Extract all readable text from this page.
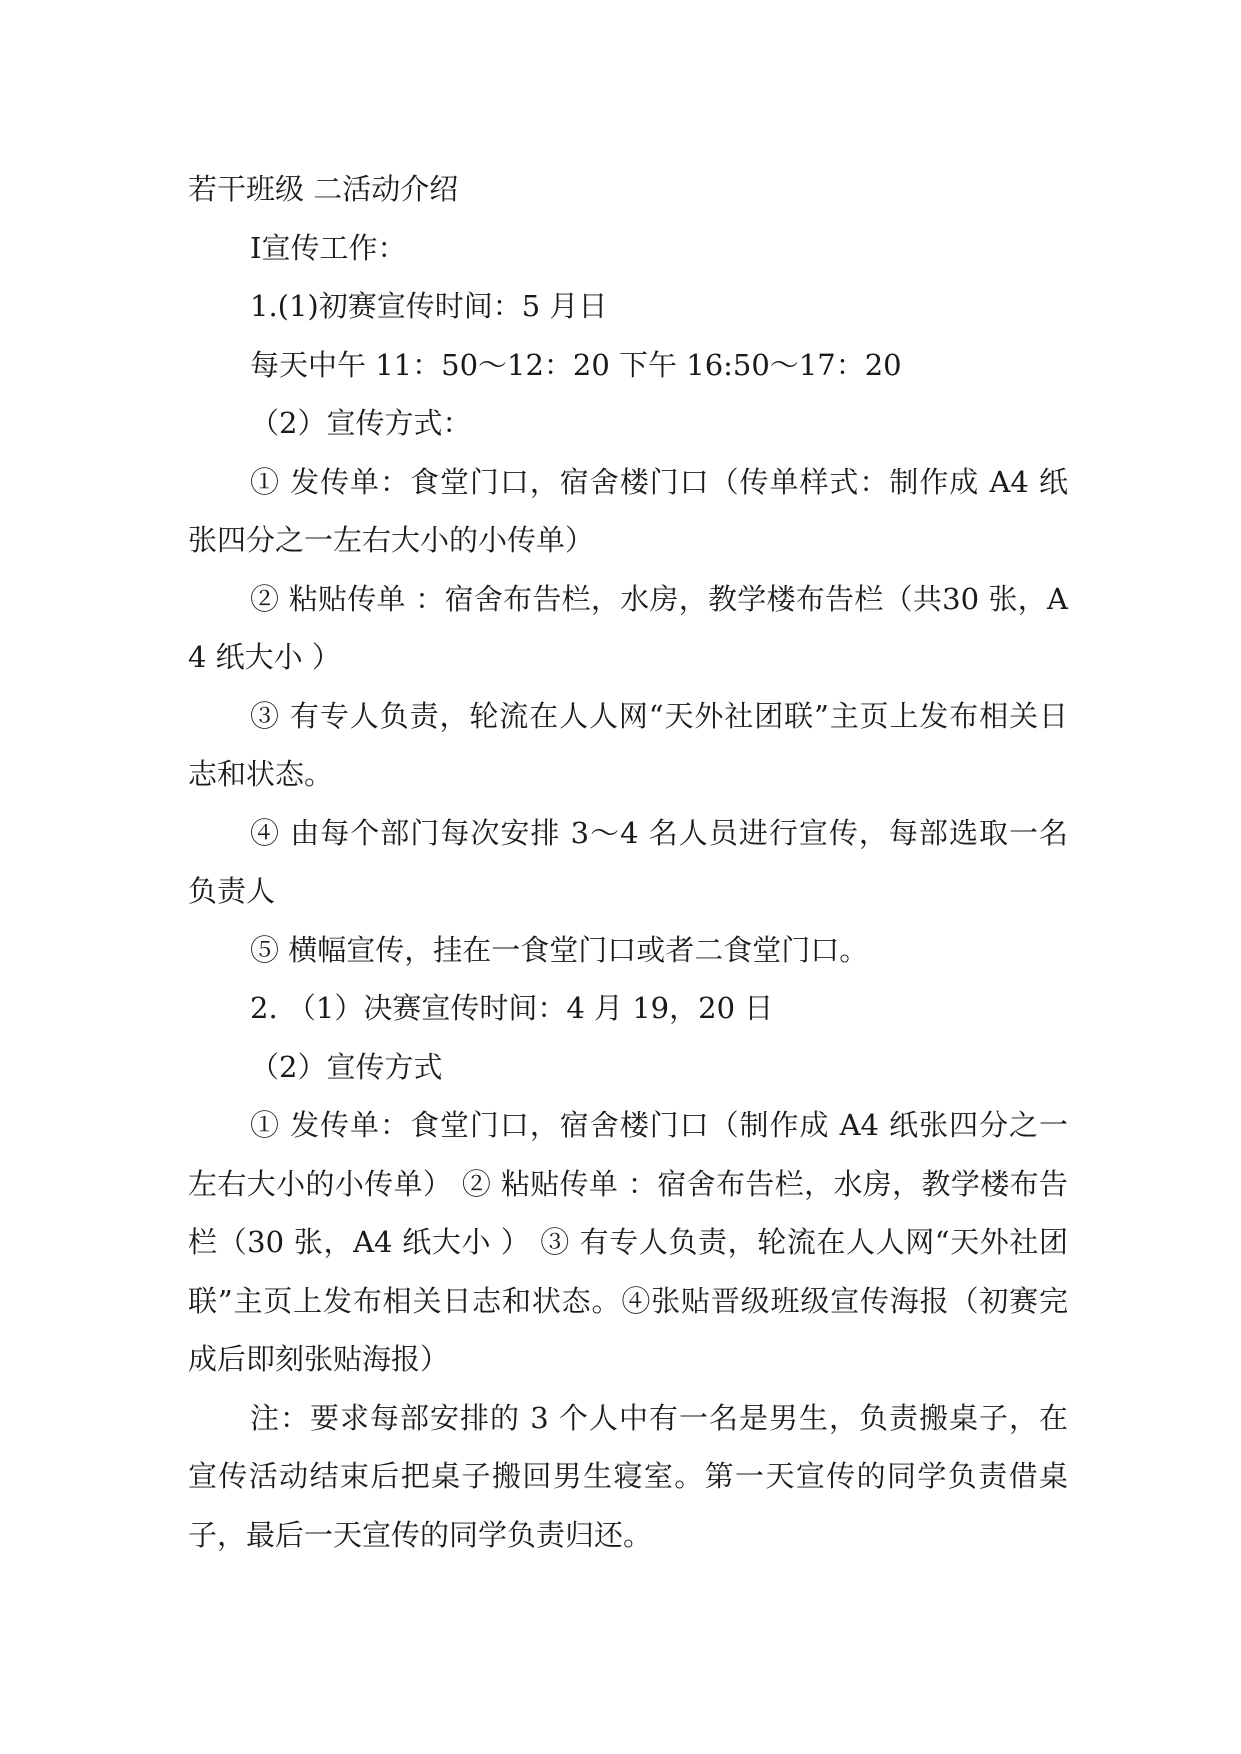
若干班级 二活动介绍

Ⅰ宣传工作：

1.(1)初赛宣传时间：5 月日

每天中午 11：50～12：20 下午 16:50～17：20

（2）宣传方式：

① 发传单：食堂门口，宿舍楼门口（传单样式：制作成 A4 纸张四分之一左右大小的小传单）

② 粘贴传单 ：宿舍布告栏，水房，教学楼布告栏（共30 张，A4 纸大小 ）

③ 有专人负责，轮流在人人网“天外社团联”主页上发布相关日志和状态。

④ 由每个部门每次安排 3～4 名人员进行宣传，每部选取一名负责人

⑤ 横幅宣传，挂在一食堂门口或者二食堂门口。

2. （1）决赛宣传时间：4 月 19，20 日

（2）宣传方式

① 发传单：食堂门口，宿舍楼门口（制作成 A4 纸张四分之一左右大小的小传单） ② 粘贴传单 ：宿舍布告栏，水房，教学楼布告栏（30 张，A4 纸大小 ） ③ 有专人负责，轮流在人人网“天外社团联”主页上发布相关日志和状态。④张贴晋级班级宣传海报（初赛完成后即刻张贴海报）

注：要求每部安排的 3 个人中有一名是男生，负责搬桌子，在宣传活动结束后把桌子搬回男生寝室。第一天宣传的同学负责借桌子，最后一天宣传的同学负责归还。
